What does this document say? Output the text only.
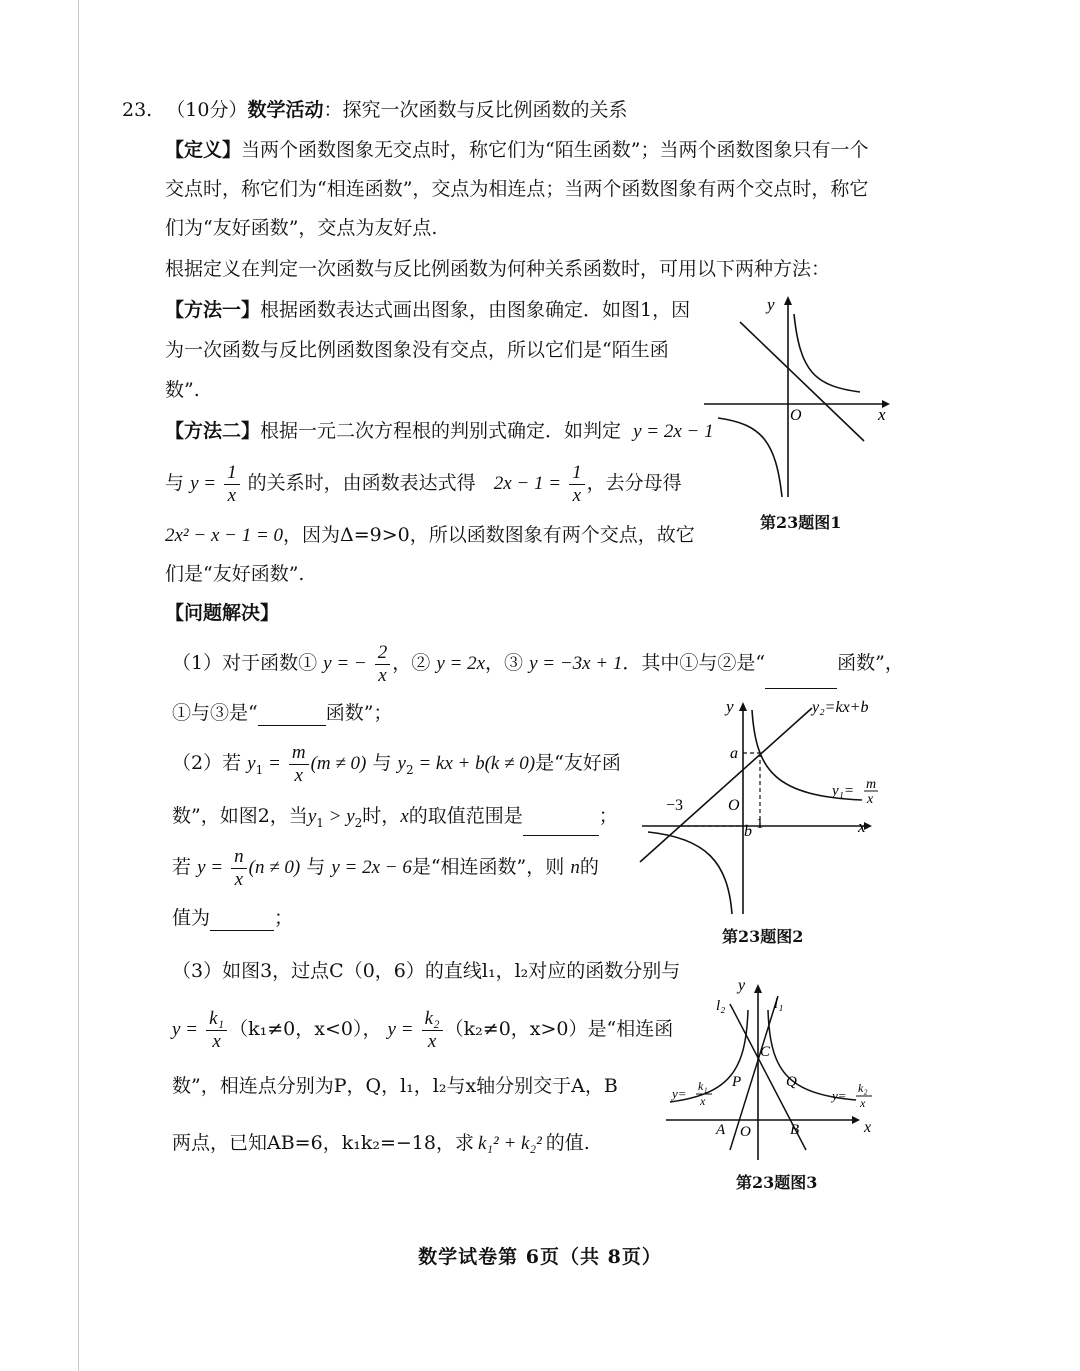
23. （10分）数学活动：探究一次函数与反比例函数的关系
【定义】当两个函数图象无交点时，称它们为“陌生函数”；当两个函数图象只有一个
交点时，称它们为“相连函数”，交点为相连点；当两个函数图象有两个交点时，称它
们为“友好函数”，交点为友好点.
根据定义在判定一次函数与反比例函数为何种关系函数时，可用以下两种方法：
【方法一】根据函数表达式画出图象，由图象确定．如图1，因
为一次函数与反比例函数图象没有交点，所以它们是“陌生函
数”.
【方法二】根据一元二次方程根的判别式确定．如判定 y = 2x − 1
与 $y = \frac{1}{x}$ 的关系时，由函数表达式得 $2x - 1 = \frac{1}{x}$ ，去分母得
2x² − x − 1 = 0，因为Δ=9>0，所以函数图象有两个交点，故它
们是“友好函数”.
【问题解决】
（1）对于函数① y = − $\frac{2}{x}$ ，② y = 2x，③ y = −3x + 1．其中①与②是“	函数”，
①与③是“	函数”；
（2）若 $y_1 = \frac{m}{x} (m \ne 0)$ 与 $y_2$ = kx + b(k ≠ 0)是“友好函
数”，如图2，当$y_1 > y_2$时，x的取值范围是	；
若 $y = \frac{n}{x} (n \ne 0)$ 与 y = 2x − 6是“相连函数”，则 n的
值为	；
（3）如图3，过点C（0，6）的直线l₁，l₂对应的函数分别与
$y = \frac{\text{k₁}}{x} (k_1\ne 0$，x<0）， $y = \frac{\text{k₂}}{x} (k_2\ne 0$，x>0）是“相连函
数”，相连点分别为P，Q，l₁，l₂与x轴分别交于A，B
两点，已知AB=6，k₁k₂=−18，求 k₁² + k₂² 的值.
y
x
O
第23题图1
y
x
O
a
b
−3
1
y₂=kx+b
y₁= m
x
第23题图2
y
x
O
l₁
l₂
C
P	Q
A	B
y= k₁
x	y= k₂
x
第23题图3
数学试卷第 6页（共 8页）
